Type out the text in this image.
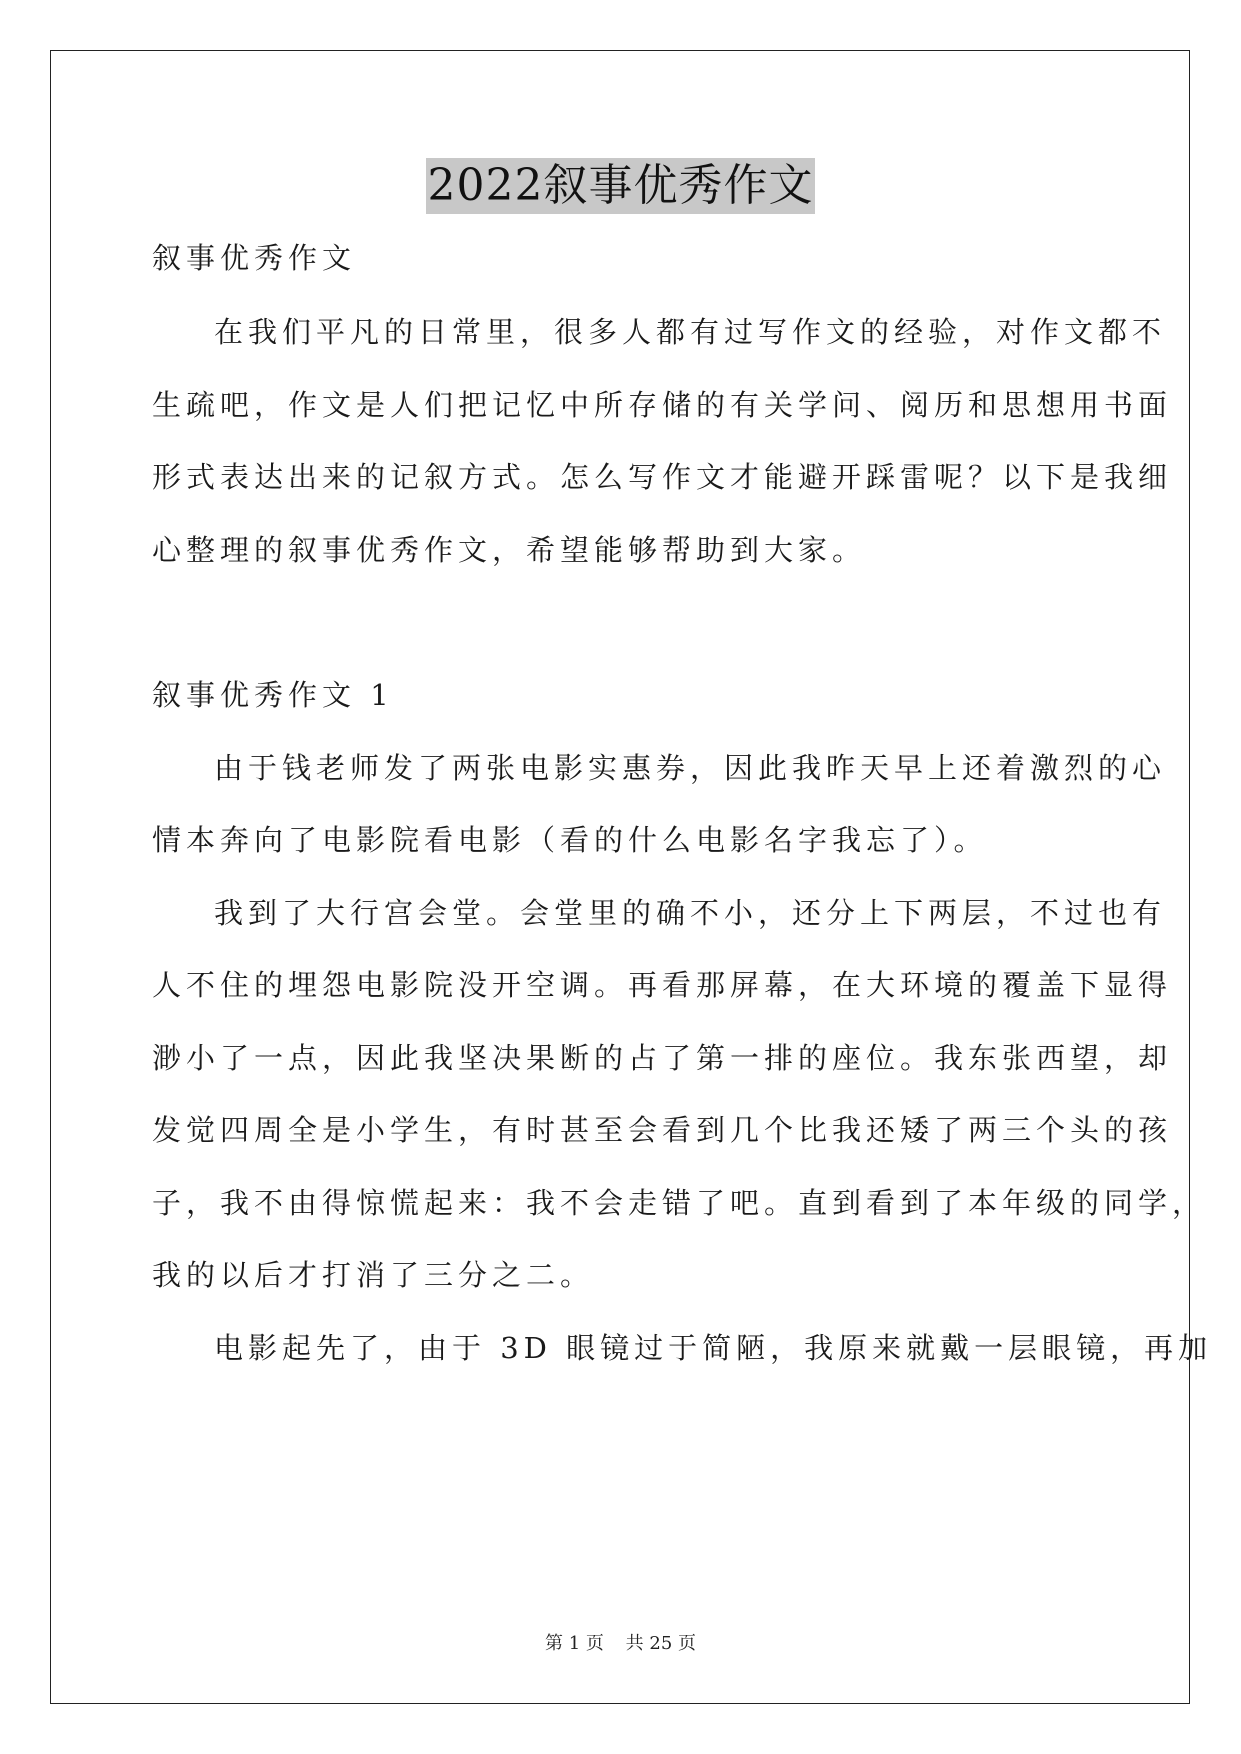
2022叙事优秀作文
叙事优秀作文
在我们平凡的日常里，很多人都有过写作文的经验，对作文都不
生疏吧，作文是人们把记忆中所存储的有关学问、阅历和思想用书面
形式表达出来的记叙方式。怎么写作文才能避开踩雷呢？以下是我细
心整理的叙事优秀作文，希望能够帮助到大家。
叙事优秀作文 1
由于钱老师发了两张电影实惠券，因此我昨天早上还着激烈的心
情本奔向了电影院看电影（看的什么电影名字我忘了）。
我到了大行宫会堂。会堂里的确不小，还分上下两层，不过也有
人不住的埋怨电影院没开空调。再看那屏幕，在大环境的覆盖下显得
渺小了一点，因此我坚决果断的占了第一排的座位。我东张西望，却
发觉四周全是小学生，有时甚至会看到几个比我还矮了两三个头的孩
子，我不由得惊慌起来：我不会走错了吧。直到看到了本年级的同学，
我的以后才打消了三分之二。
电影起先了，由于 3D 眼镜过于简陋，我原来就戴一层眼镜，再加
第 1 页 共 25 页
